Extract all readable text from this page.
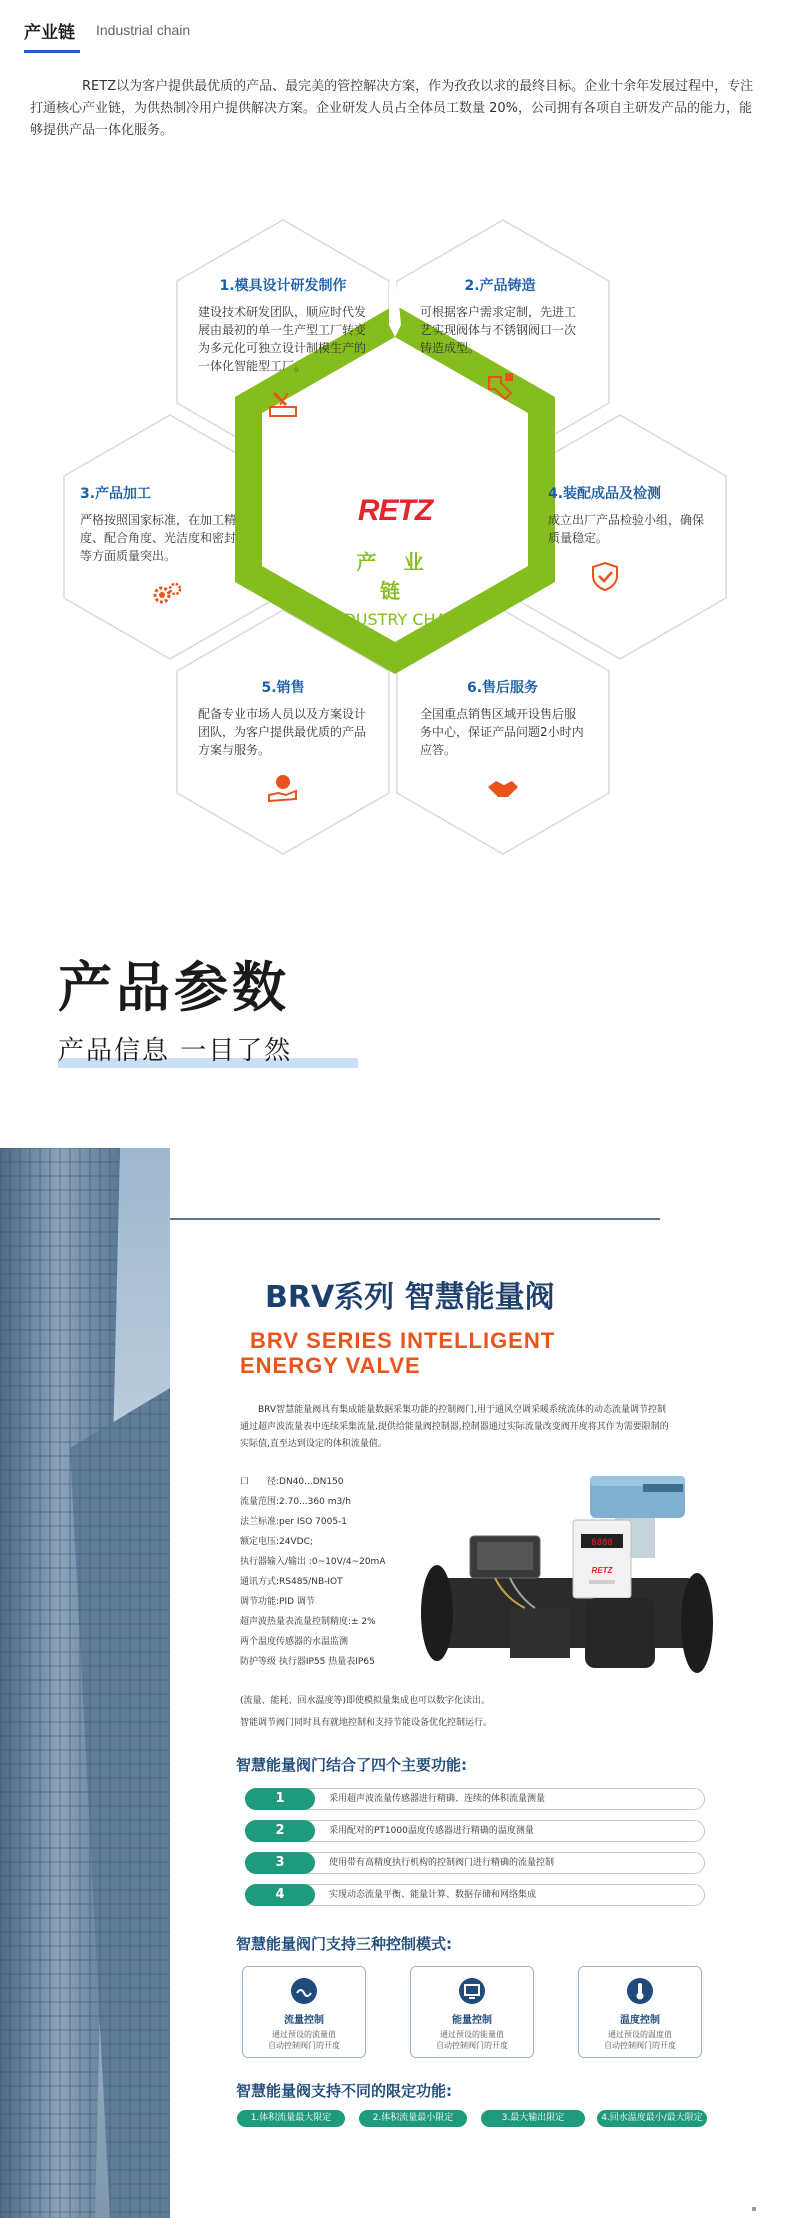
产业链 Industrial chain

RETZ以为客户提供最优质的产品、最完美的管控解决方案，作为孜孜以求的最终目标。企业十余年发展过程中，专注打通核心产业链，为供热制冷用户提供解决方案。企业研发人员占全体员工数量 20%，公司拥有各项自主研发产品的能力，能够提供产品一体化服务。

RETZ
产 业 链
INDUSTRY CHAIN
1.模具设计研发制作
建设技术研发团队，顺应时代发展由最初的单一生产型工厂转变为多元化可独立设计制模生产的一体化智能型工厂。
2.产品铸造
可根据客户需求定制，先进工艺实现阀体与不锈钢阀口一次铸造成型。
3.产品加工
严格按照国家标准，在加工精度、配合角度、光洁度和密封等方面质量突出。
4.装配成品及检测
成立出厂产品检验小组，确保质量稳定。
5.销售
配备专业市场人员以及方案设计团队，为客户提供最优质的产品方案与服务。
6.售后服务
全国重点销售区域开设售后服务中心，保证产品问题2小时内应答。
产品参数
产品信息 一目了然
BRV系列 智慧能量阀
BRV SERIES INTELLIGENT
ENERGY VALVE

BRV智慧能量阀具有集成能量数据采集功能的控制阀门,用于通风空调采暖系统流体的动态流量调节控制通过超声波流量表中连续采集流量,提供给能量阀控制器,控制器通过实际流量改变阀开度将其作为需要限制的实际值,直至达到设定的体积流量值。

口　　径:DN40...DN150
流量范围:2.70...360 m3/h
法兰标准:per ISO 7005-1
额定电压:24VDC;
执行器输入/输出 :0~10V/4~20mA
通讯方式:RS485/NB-IOT
调节功能:PID 调节
超声波热量表流量控制精度:± 2%
两个温度传感器的水温监测
防护等级 执行器IP55 热量表IP65
8888
RETZ
(流量、能耗、回水温度等)即使模拟量集成也可以数字化读出。
智能调节阀门同时具有就地控制和支持节能设备优化控制运行。
智慧能量阀门结合了四个主要功能:
1	采用超声波流量传感器进行精确、连续的体积流量测量
2	采用配对的PT1000温度传感器进行精确的温度测量
3	使用带有高精度执行机构的控制阀门进行精确的流量控制
4	实现动态流量平衡、能量计算、数据存储和网络集成
智慧能量阀门支持三种控制模式:
流量控制
通过预设的流量值
自动控制阀门的开度
能量控制
通过预设的能量值
自动控制阀门的开度
温度控制
通过预设的温度值
自动控制阀门的开度
智慧能量阀支持不同的限定功能:
1.体积流量最大限定	2.体积流量最小限定	3.最大输出限定	4.回水温度最小/最大限定
